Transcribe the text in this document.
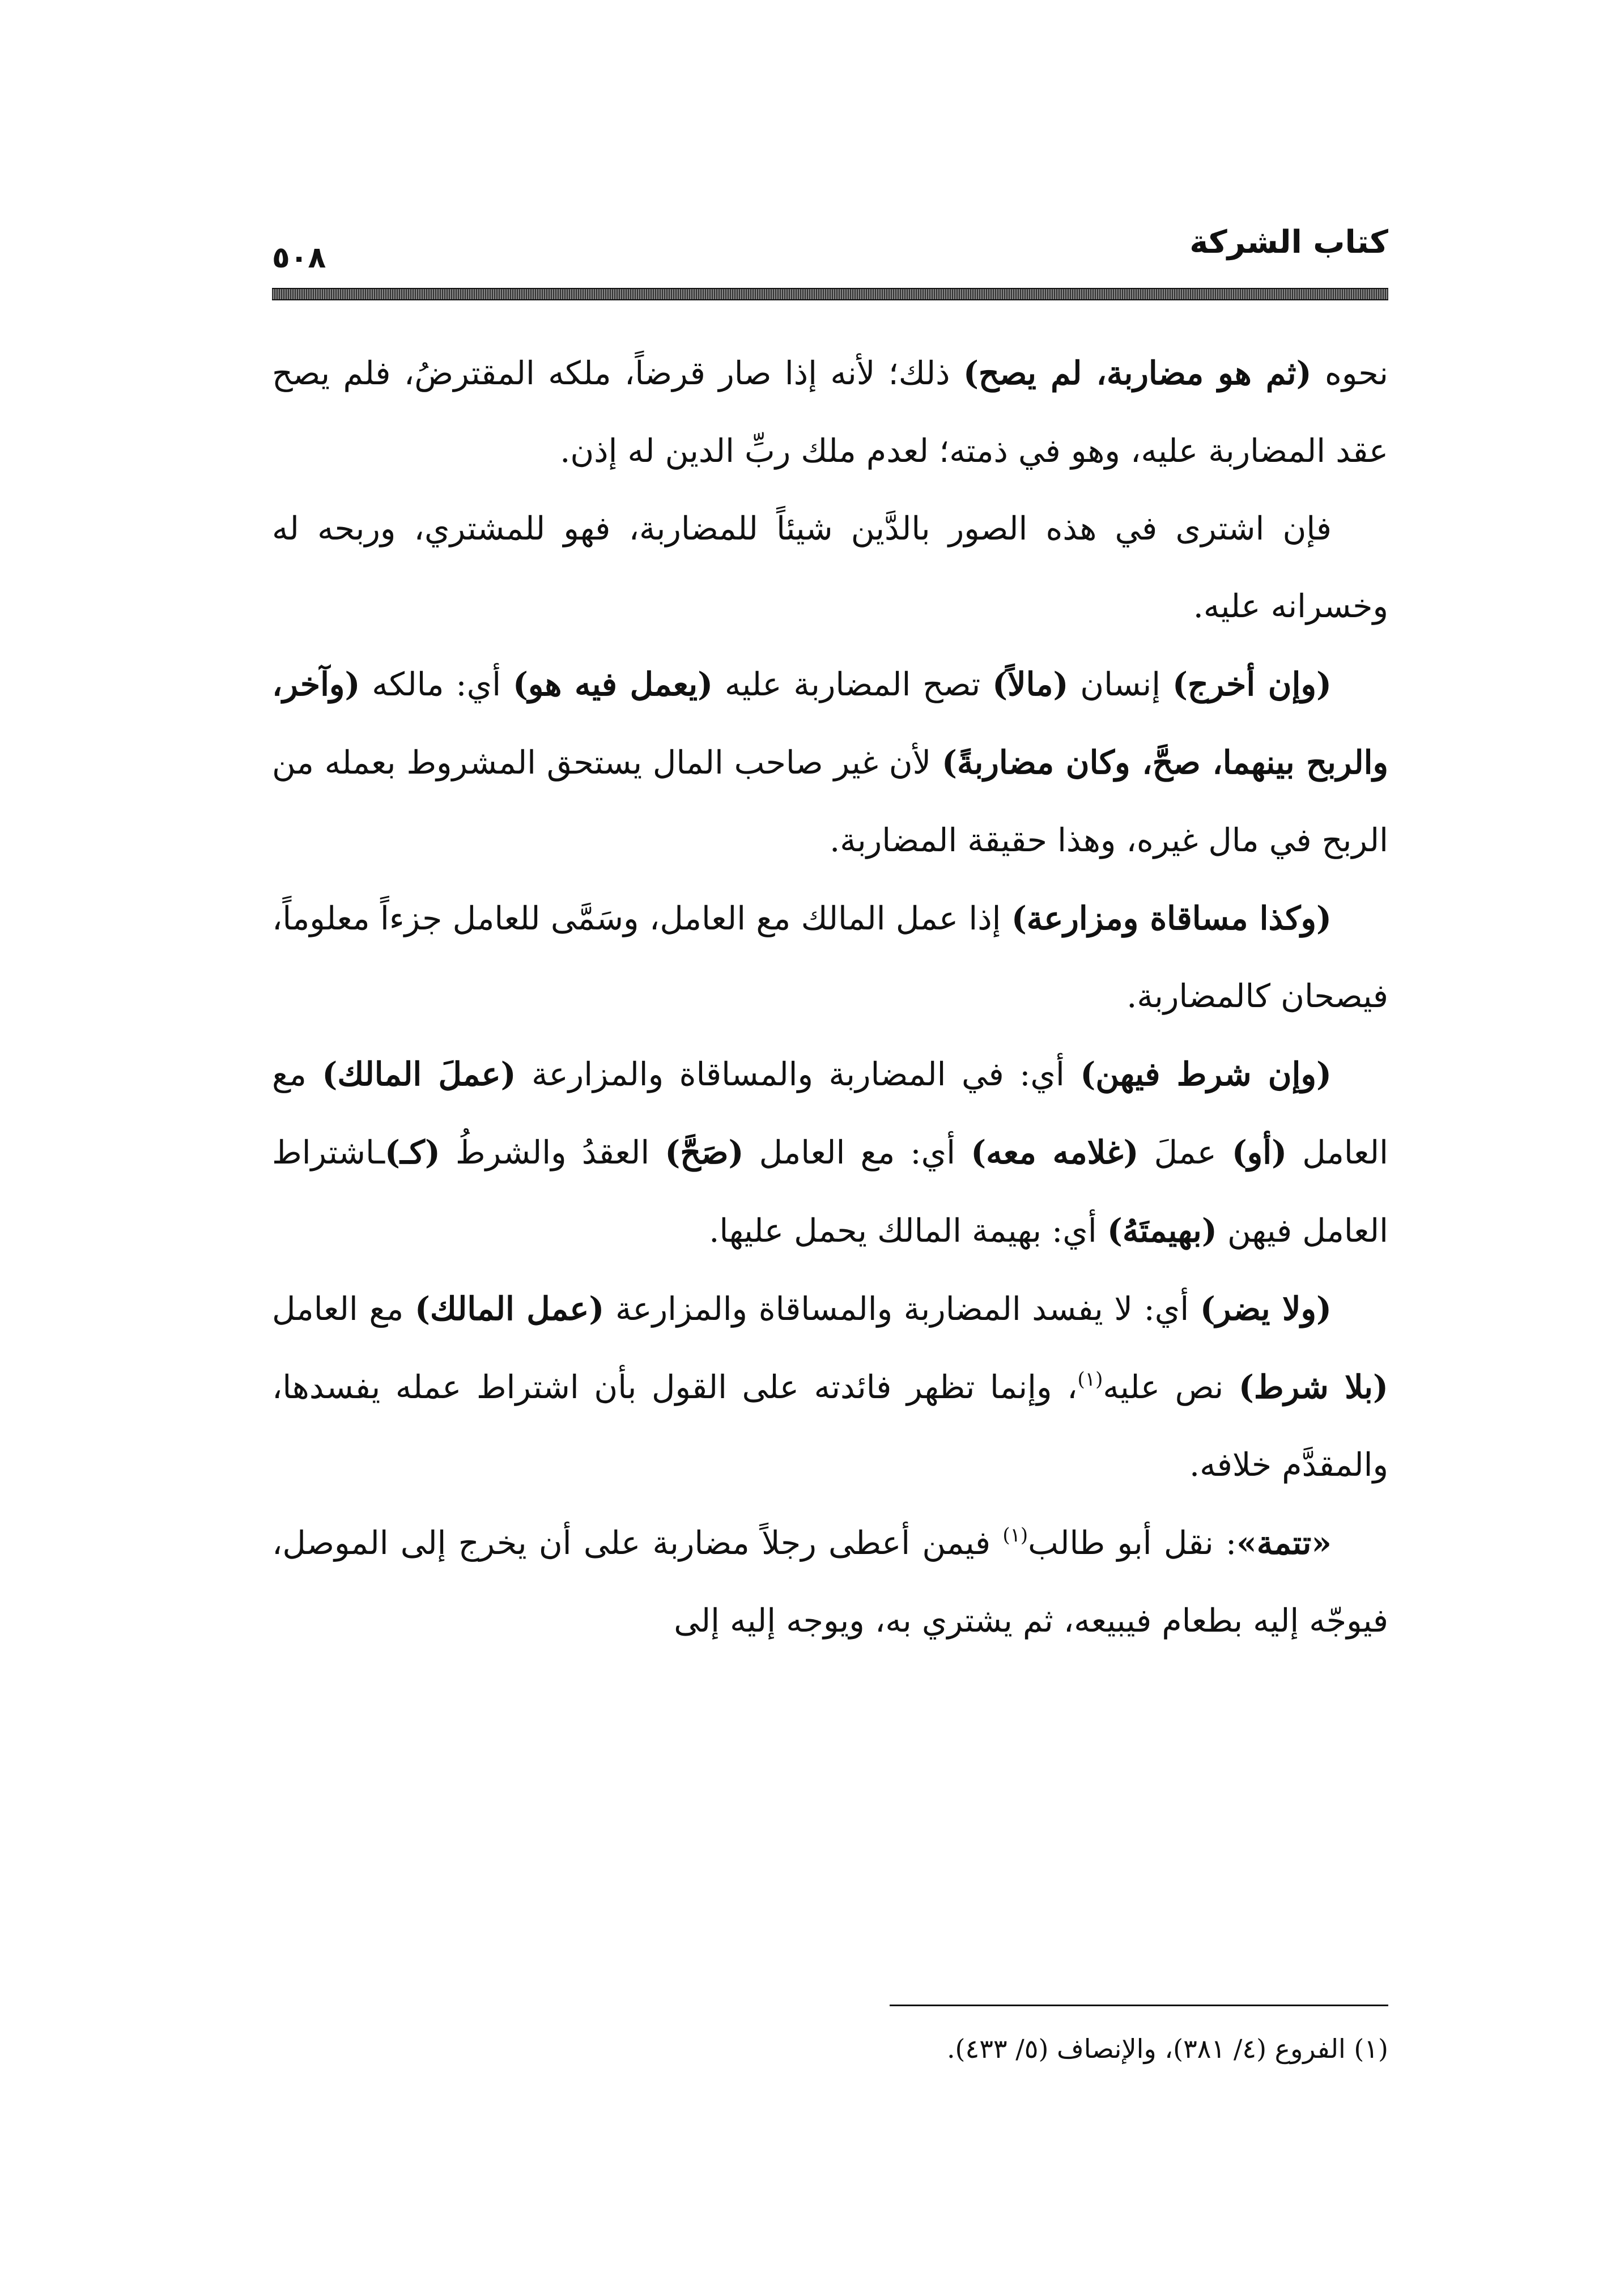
كتاب الشركة
٥٠٨

نحوه (ثم هو مضاربة، لم يصح) ذلك؛ لأنه إذا صار قرضاً، ملكه المقترضُ، فلم يصح عقد المضاربة عليه، وهو في ذمته؛ لعدم ملك ربِّ الدين له إذن.

فإن اشترى في هذه الصور بالدَّين شيئاً للمضاربة، فهو للمشتري، وربحه له وخسرانه عليه.

(وإن أخرج) إنسان (مالاً) تصح المضاربة عليه (يعمل فيه هو) أي: مالكه (وآخر، والربح بينهما، صحَّ، وكان مضاربةً) لأن غير صاحب المال يستحق المشروط بعمله من الربح في مال غيره، وهذا حقيقة المضاربة.

(وكذا مساقاة ومزارعة) إذا عمل المالك مع العامل، وسَمَّى للعامل جزءاً معلوماً، فيصحان كالمضاربة.

(وإن شرط فيهن) أي: في المضاربة والمساقاة والمزارعة (عملَ المالك) مع العامل (أو) عملَ (غلامه معه) أي: مع العامل (صَحَّ) العقدُ والشرطُ (كـ)ـاشتراط العامل فيهن (بهيمتَهُ) أي: بهيمة المالك يحمل عليها.

(ولا يضر) أي: لا يفسد المضاربة والمساقاة والمزارعة (عمل المالك) مع العامل (بلا شرط) نص عليه$^{(١)}$، وإنما تظهر فائدته على القول بأن اشتراط عمله يفسدها، والمقدَّم خلافه.

«تتمة»: نقل أبو طالب$^{(١)}$ فيمن أعطى رجلاً مضاربة على أن يخرج إلى الموصل، فيوجّه إليه بطعام فيبيعه، ثم يشتري به، ويوجه إليه إلى

(١) الفروع (٤/ ٣٨١)، والإنصاف (٥/ ٤٣٣).
